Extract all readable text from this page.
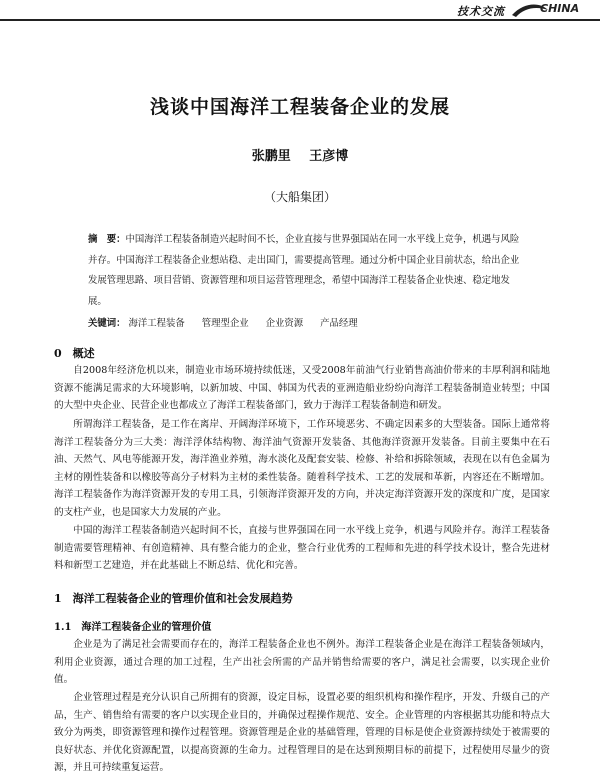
技术交流	CHINA
浅谈中国海洋工程装备企业的发展
张鹏里 王彦博
（大船集团）
摘　要：中国海洋工程装备制造兴起时间不长，企业直接与世界强国站在同一水平线上竞争，机遇与风险并存。中国海洋工程装备企业想站稳、走出国门，需要提高管理。通过分析中国企业目前状态，给出企业发展管理思路、项目营销、资源管理和项目运营管理理念，希望中国海洋工程装备企业快速、稳定地发展。
关键词： 海洋工程装备 管理型企业 企业资源 产品经理
0　概述

自2008年经济危机以来，制造业市场环境持续低迷，又受2008年前油气行业销售高油价带来的丰厚利润和陆地资源不能满足需求的大环境影响，以新加坡、中国、韩国为代表的亚洲造船业纷纷向海洋工程装备制造业转型；中国的大型中央企业、民营企业也都成立了海洋工程装备部门，致力于海洋工程装备制造和研发。

所谓海洋工程装备，是工作在离岸、开阔海洋环境下，工作环境恶劣、不确定因素多的大型装备。国际上通常将海洋工程装备分为三大类：海洋浮体结构物、海洋油气资源开发装备、其他海洋资源开发装备。目前主要集中在石油、天然气、风电等能源开发，海洋渔业养殖，海水淡化及配套安装、检修、补给和拆除领域，表现在以有色金属为主材的刚性装备和以橡胶等高分子材料为主材的柔性装备。随着科学技术、工艺的发展和革新，内容还在不断增加。海洋工程装备作为海洋资源开发的专用工具，引领海洋资源开发的方向，并决定海洋资源开发的深度和广度，是国家的支柱产业，也是国家大力发展的产业。

中国的海洋工程装备制造兴起时间不长，直接与世界强国在同一水平线上竞争，机遇与风险并存。海洋工程装备制造需要管理精神、有创造精神、具有整合能力的企业，整合行业优秀的工程师和先进的科学技术设计，整合先进材料和新型工艺建造，并在此基础上不断总结、优化和完善。

1　海洋工程装备企业的管理价值和社会发展趋势
1.1　海洋工程装备企业的管理价值

企业是为了满足社会需要而存在的，海洋工程装备企业也不例外。海洋工程装备企业是在海洋工程装备领域内，利用企业资源，通过合理的加工过程，生产出社会所需的产品并销售给需要的客户，满足社会需要，以实现企业价值。

企业管理过程是充分认识自己所拥有的资源，设定目标，设置必要的组织机构和操作程序，开发、升级自己的产品，生产、销售给有需要的客户以实现企业目的，并确保过程操作规范、安全。企业管理的内容根据其功能和特点大致分为两类，即资源管理和操作过程管理。资源管理是企业的基础管理，管理的目标是使企业资源持续处于被需要的良好状态、并优化资源配置，以提高资源的生命力。过程管理目的是在达到预期目标的前提下，过程使用尽量少的资源，并且可持续重复运营。
